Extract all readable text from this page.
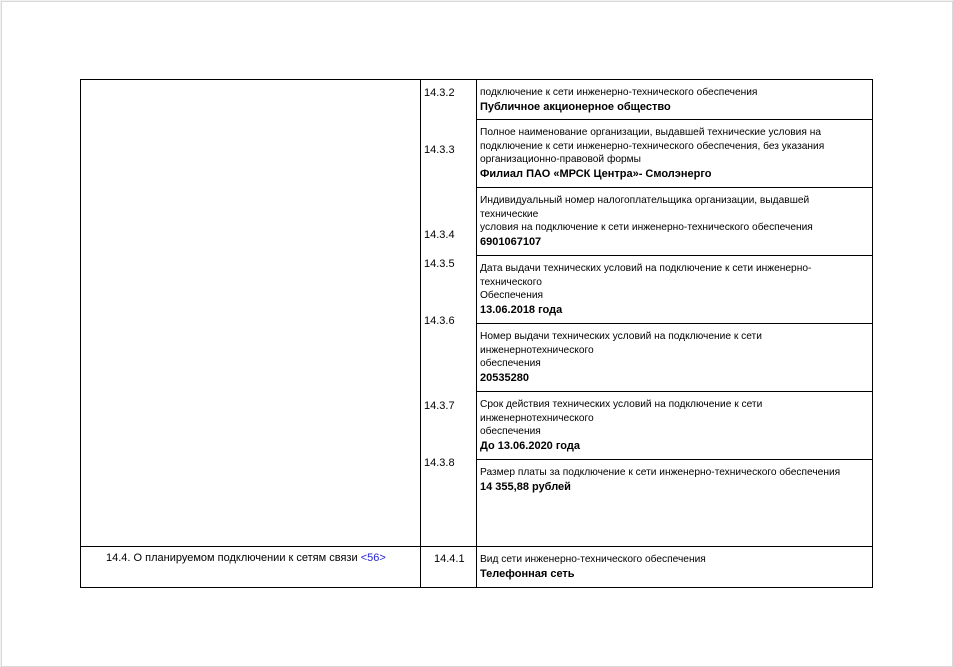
14.3.2
14.3.3
14.3.4
14.3.5
14.3.6
14.3.7
14.3.8
подключение к сети инженерно-технического обеспечения
Публичное акционерное общество
Полное наименование организации, выдавшей технические условия на подключение к сети инженерно-технического обеспечения, без указания организационно-правовой формы
Филиал ПАО «МРСК Центра»- Смолэнерго
Индивидуальный номер налогоплательщика организации, выдавшей технические
условия на подключение к сети инженерно-технического обеспечения
6901067107
Дата выдачи технических условий на подключение к сети инженерно-технического
Обеспечения
13.06.2018 года
Номер выдачи технических условий на подключение к сети инженернотехнического
обеспечения
20535280
Срок действия технических условий на подключение к сети инженернотехнического
обеспечения
До 13.06.2020 года
Размер платы за подключение к сети инженерно-технического обеспечения
14 355,88 рублей
14.4. О планируемом подключении к сетям связи <56>	14.4.1 Вид сети инженерно-технического обеспечения
Телефонная сеть
